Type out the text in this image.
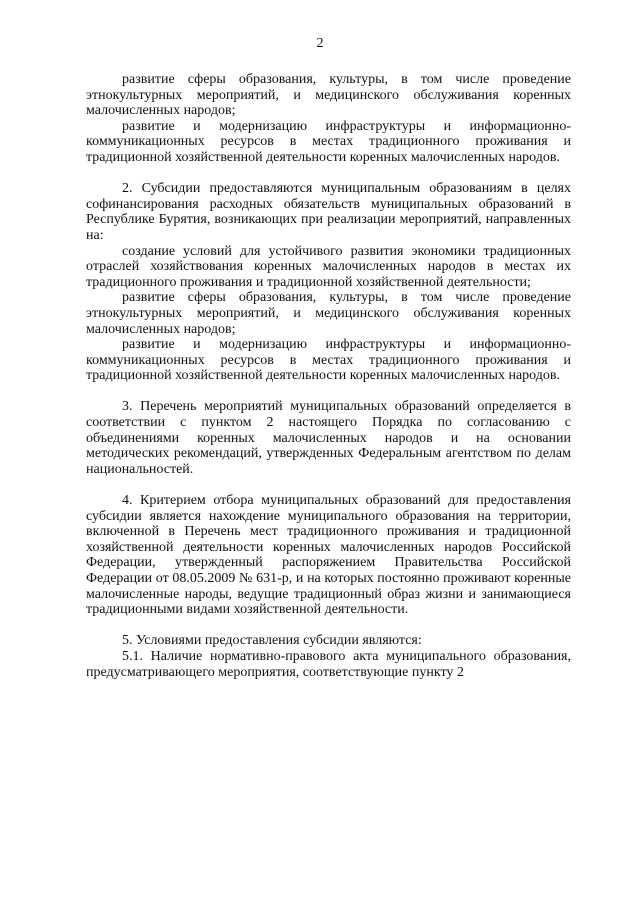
2

развитие сферы образования, культуры, в том числе проведение этнокультурных мероприятий, и медицинского обслуживания коренных малочисленных народов;

развитие и модернизацию инфраструктуры и информационно-коммуникационных ресурсов в местах традиционного проживания и традиционной хозяйственной деятельности коренных малочисленных народов.

2. Субсидии предоставляются муниципальным образованиям в целях софинансирования расходных обязательств муниципальных образований в Республике Бурятия, возникающих при реализации мероприятий, направленных на:

создание условий для устойчивого развития экономики традиционных отраслей хозяйствования коренных малочисленных народов в местах их традиционного проживания и традиционной хозяйственной деятельности;

развитие сферы образования, культуры, в том числе проведение этнокультурных мероприятий, и медицинского обслуживания коренных малочисленных народов;

развитие и модернизацию инфраструктуры и информационно-коммуникационных ресурсов в местах традиционного проживания и традиционной хозяйственной деятельности коренных малочисленных народов.

3. Перечень мероприятий муниципальных образований определяется в соответствии с пунктом 2 настоящего Порядка по согласованию с объединениями коренных малочисленных народов и на основании методических рекомендаций, утвержденных Федеральным агентством по делам национальностей.

4. Критерием отбора муниципальных образований для предоставления субсидии является нахождение муниципального образования на территории, включенной в Перечень мест традиционного проживания и традиционной хозяйственной деятельности коренных малочисленных народов Российской Федерации, утвержденный распоряжением Правительства Российской Федерации от 08.05.2009 № 631-р, и на которых постоянно проживают коренные малочисленные народы, ведущие традиционный образ жизни и занимающиеся традиционными видами хозяйственной деятельности.

5. Условиями предоставления субсидии являются:

5.1. Наличие нормативно-правового акта муниципального образования, предусматривающего мероприятия, соответствующие пункту 2
